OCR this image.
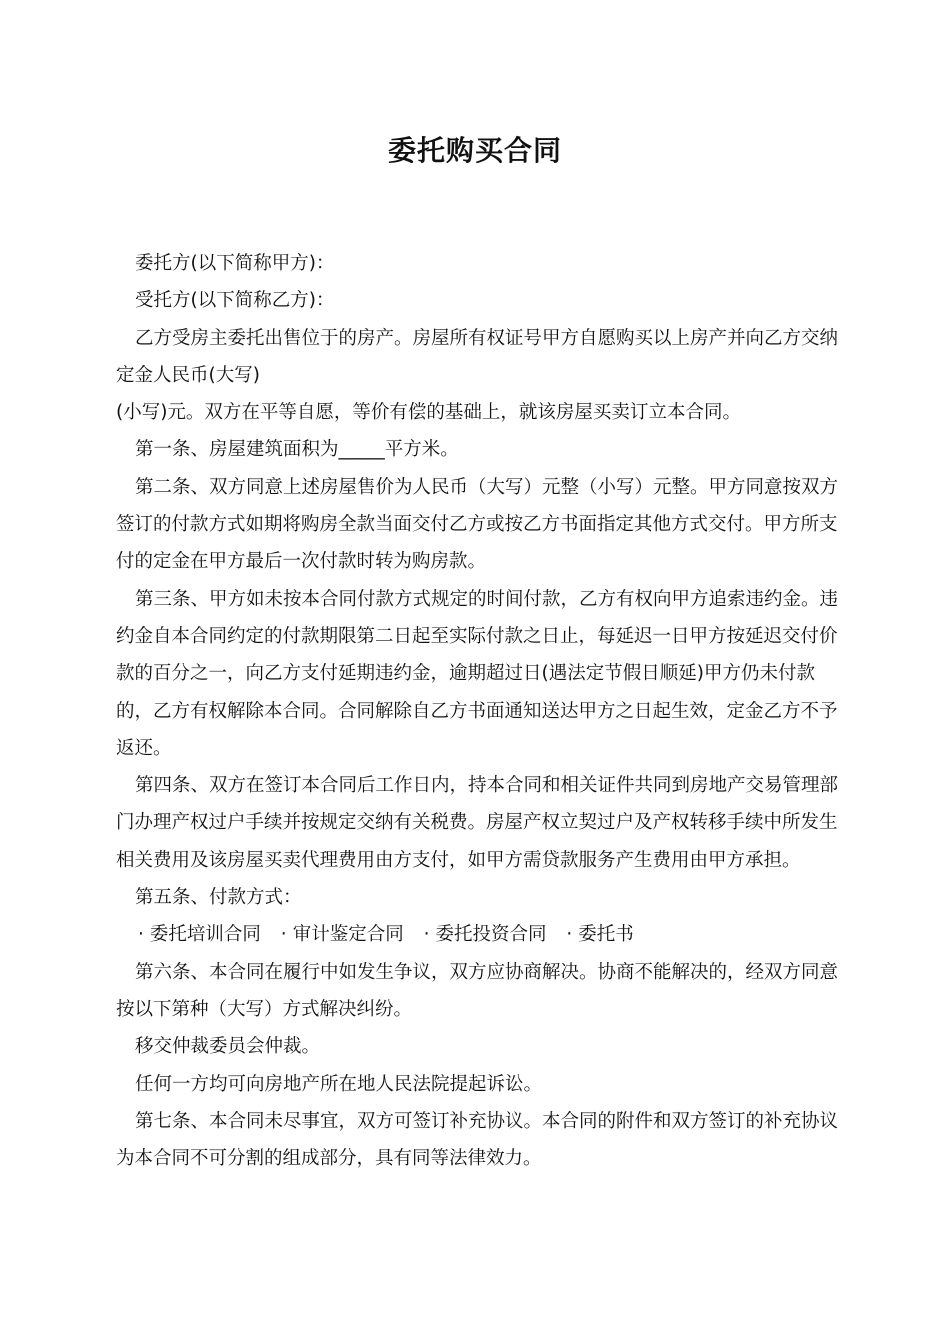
委托购买合同

委托方(以下简称甲方)：

受托方(以下简称乙方)：

乙方受房主委托出售位于的房产。房屋所有权证号甲方自愿购买以上房产并向乙方交纳定金人民币(大写)

(小写)元。双方在平等自愿，等价有偿的基础上，就该房屋买卖订立本合同。

第一条、房屋建筑面积为_____平方米。

第二条、双方同意上述房屋售价为人民币（大写）元整（小写）元整。甲方同意按双方签订的付款方式如期将购房全款当面交付乙方或按乙方书面指定其他方式交付。甲方所支付的定金在甲方最后一次付款时转为购房款。

第三条、甲方如未按本合同付款方式规定的时间付款，乙方有权向甲方追索违约金。违约金自本合同约定的付款期限第二日起至实际付款之日止，每延迟一日甲方按延迟交付价款的百分之一，向乙方支付延期违约金，逾期超过日(遇法定节假日顺延)甲方仍未付款的，乙方有权解除本合同。合同解除自乙方书面通知送达甲方之日起生效，定金乙方不予返还。

第四条、双方在签订本合同后工作日内，持本合同和相关证件共同到房地产交易管理部门办理产权过户手续并按规定交纳有关税费。房屋产权立契过户及产权转移手续中所发生相关费用及该房屋买卖代理费用由方支付，如甲方需贷款服务产生费用由甲方承担。

第五条、付款方式：

· 委托培训合同 · 审计鉴定合同 · 委托投资合同 · 委托书

第六条、本合同在履行中如发生争议，双方应协商解决。协商不能解决的，经双方同意按以下第种（大写）方式解决纠纷。

移交仲裁委员会仲裁。

任何一方均可向房地产所在地人民法院提起诉讼。

第七条、本合同未尽事宜，双方可签订补充协议。本合同的附件和双方签订的补充协议为本合同不可分割的组成部分，具有同等法律效力。
